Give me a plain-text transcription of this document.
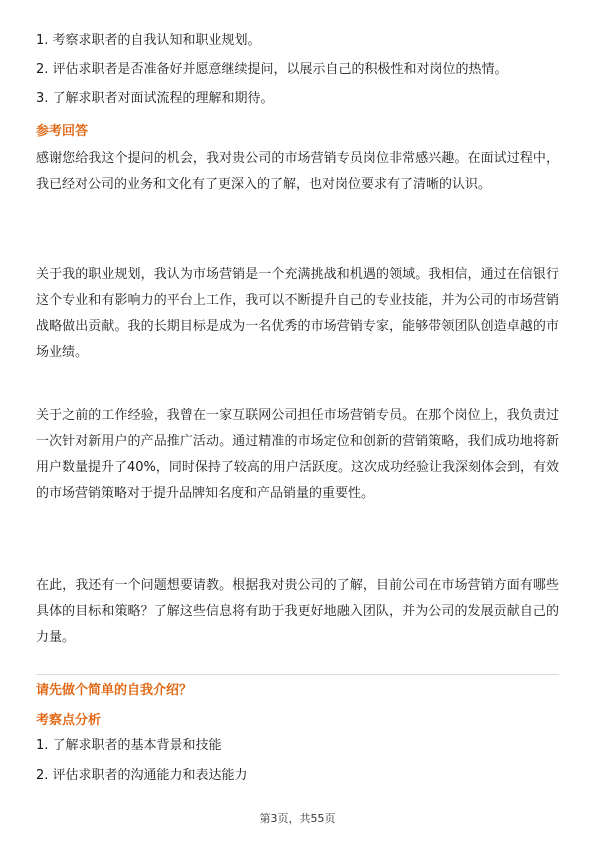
1. 考察求职者的自我认知和职业规划。
2. 评估求职者是否准备好并愿意继续提问，以展示自己的积极性和对岗位的热情。
3. 了解求职者对面试流程的理解和期待。
参考回答
感谢您给我这个提问的机会，我对贵公司的市场营销专员岗位非常感兴趣。在面试过程中，我已经对公司的业务和文化有了更深入的了解，也对岗位要求有了清晰的认识。
关于我的职业规划，我认为市场营销是一个充满挑战和机遇的领域。我相信，通过在信银行这个专业和有影响力的平台上工作，我可以不断提升自己的专业技能，并为公司的市场营销战略做出贡献。我的长期目标是成为一名优秀的市场营销专家，能够带领团队创造卓越的市场业绩。
关于之前的工作经验，我曾在一家互联网公司担任市场营销专员。在那个岗位上，我负责过一次针对新用户的产品推广活动。通过精准的市场定位和创新的营销策略，我们成功地将新用户数量提升了40%，同时保持了较高的用户活跃度。这次成功经验让我深刻体会到，有效的市场营销策略对于提升品牌知名度和产品销量的重要性。
在此，我还有一个问题想要请教。根据我对贵公司的了解，目前公司在市场营销方面有哪些具体的目标和策略？了解这些信息将有助于我更好地融入团队，并为公司的发展贡献自己的力量。
请先做个简单的自我介绍？
考察点分析
1. 了解求职者的基本背景和技能
2. 评估求职者的沟通能力和表达能力
第3页，共55页
